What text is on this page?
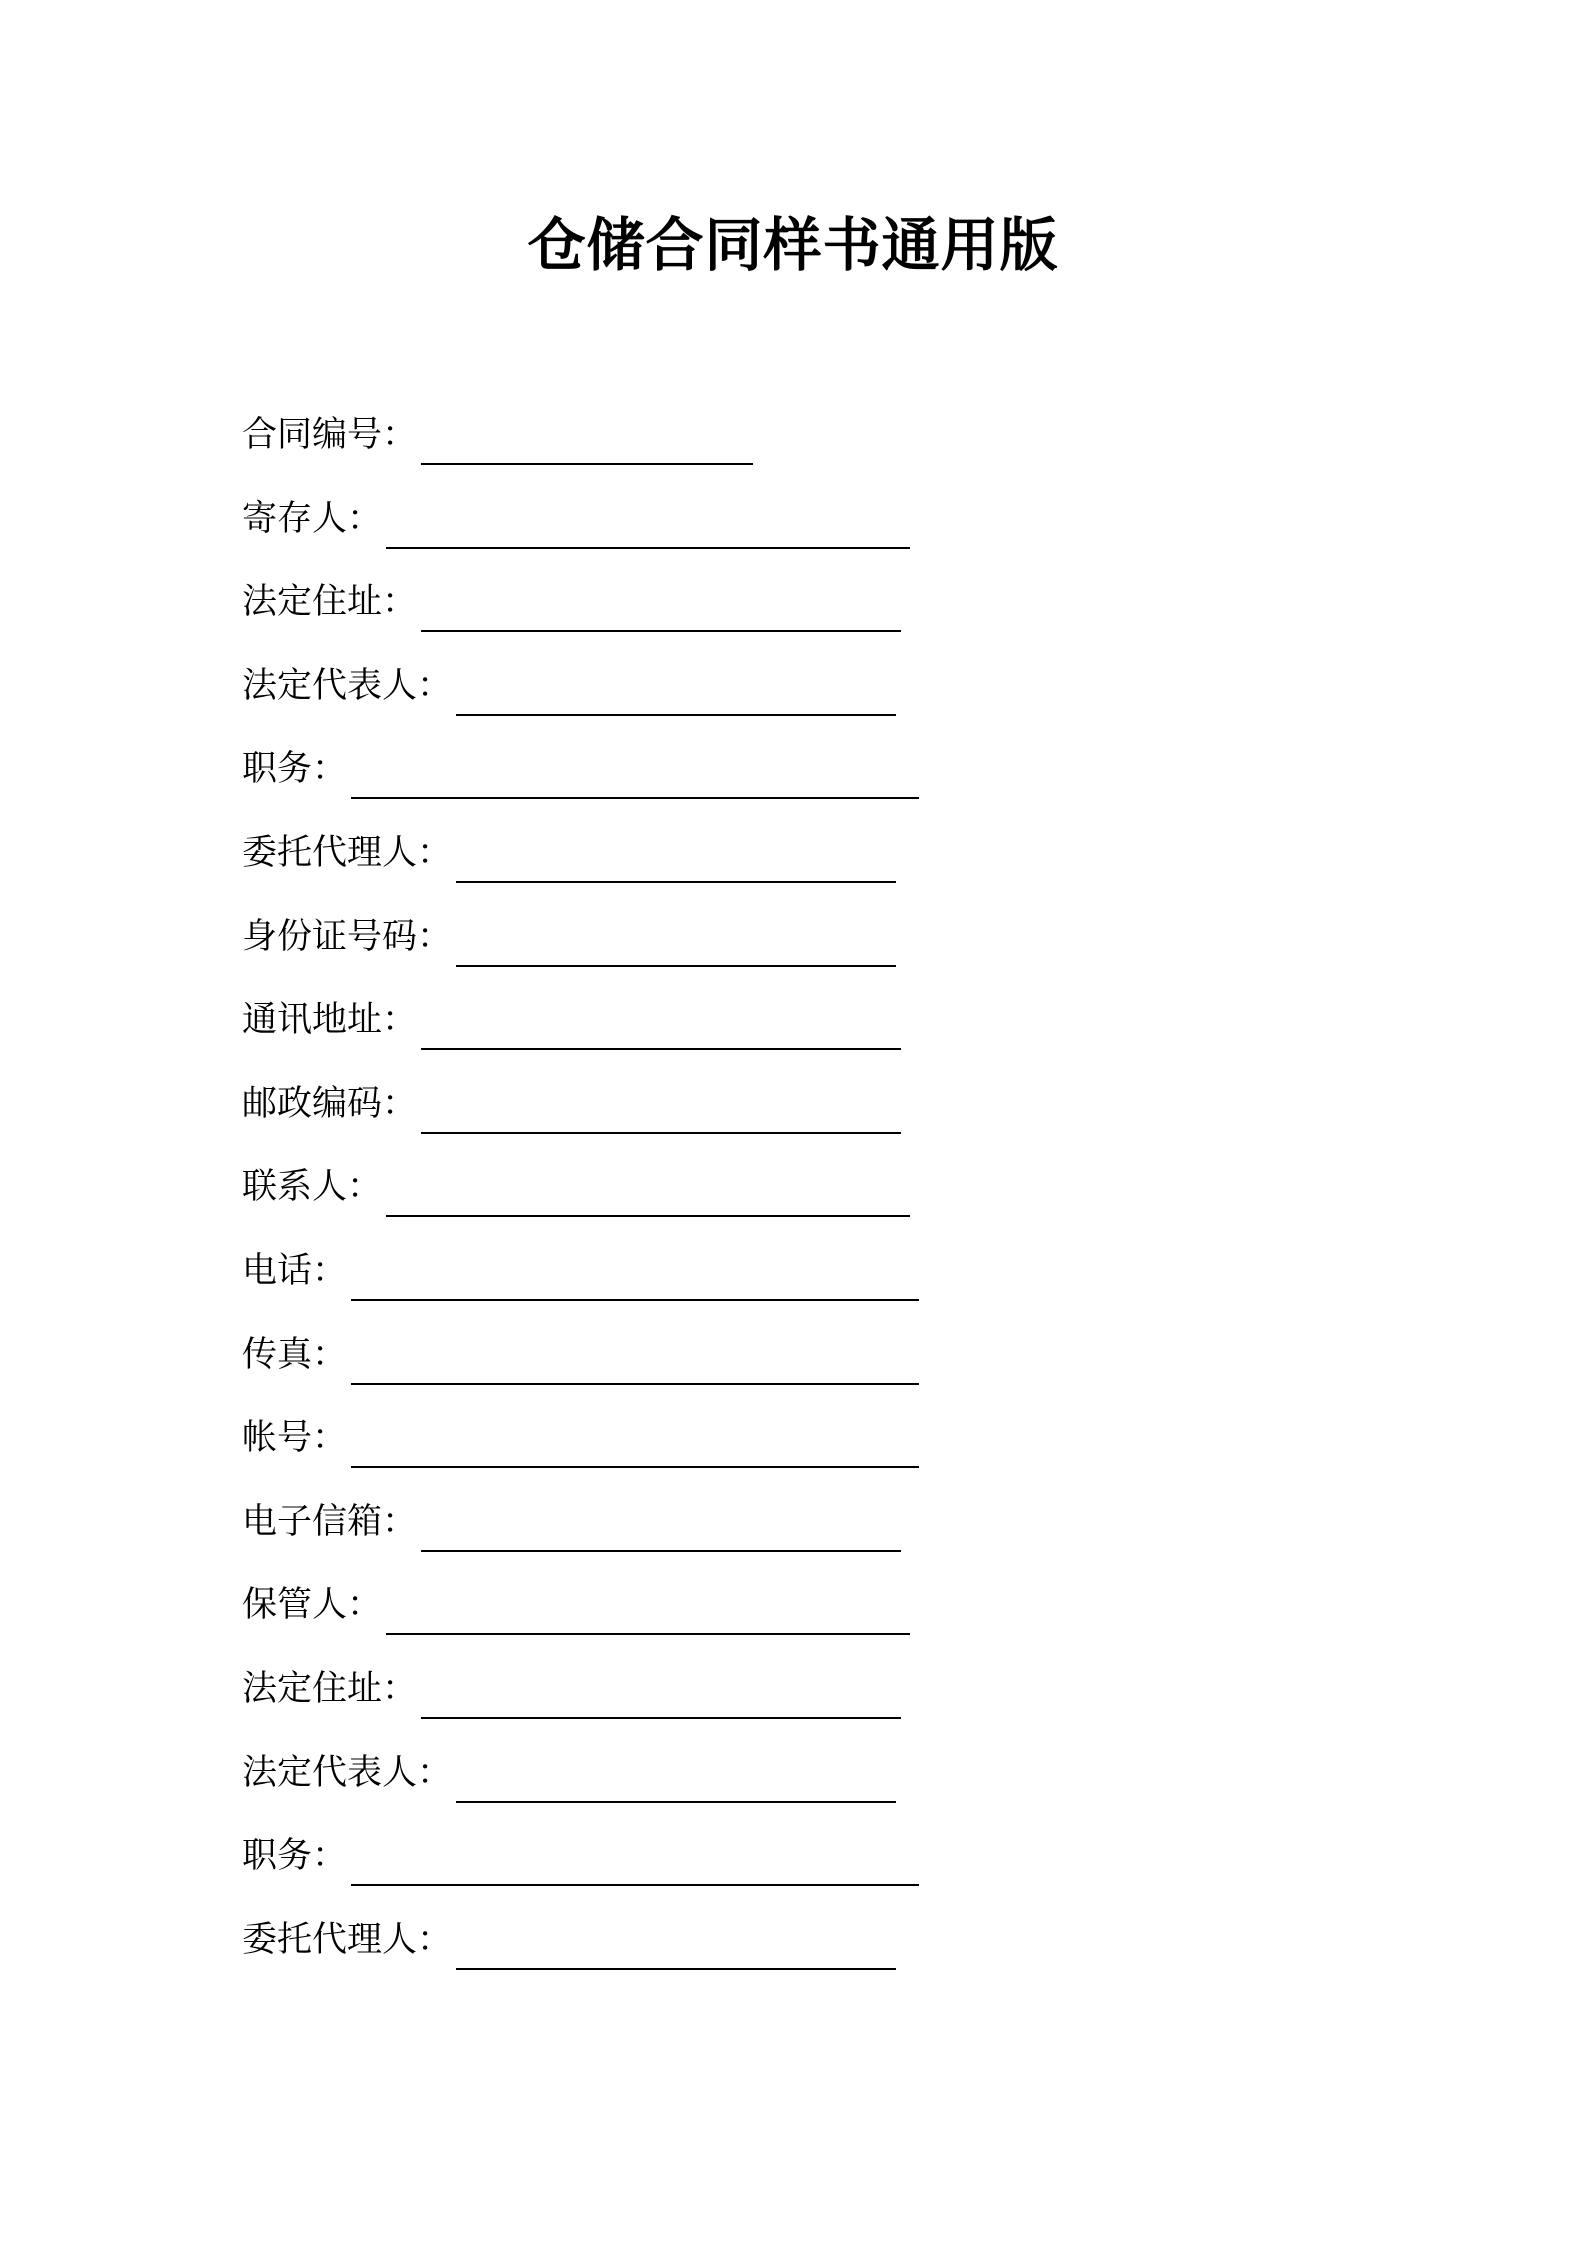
仓储合同样书通用版
合同编号：
寄存人：
法定住址：
法定代表人：
职务：
委托代理人：
身份证号码：
通讯地址：
邮政编码：
联系人：
电话：
传真：
帐号：
电子信箱：
保管人：
法定住址：
法定代表人：
职务：
委托代理人：
